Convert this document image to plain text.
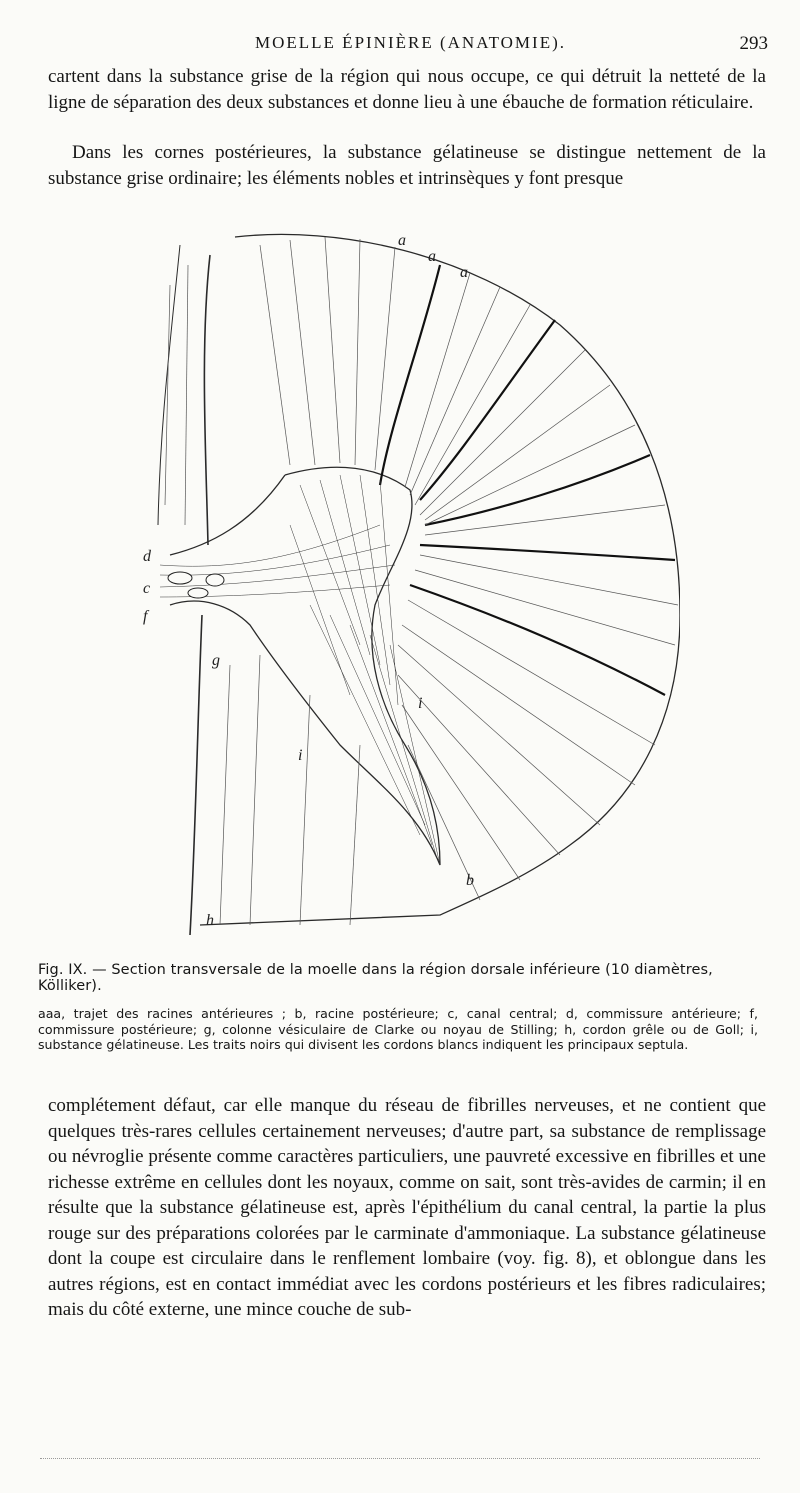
MOELLE ÉPINIÈRE (ANATOMIE).	293

cartent dans la substance grise de la région qui nous occupe, ce qui détruit la netteté de la ligne de séparation des deux substances et donne lieu à une ébauche de formation réticulaire.

Dans les cornes postérieures, la substance gélatineuse se distingue nettement de la substance grise ordinaire; les éléments nobles et intrinsèques y font presque

a
a
a
d
c
f
g
i
i
b
h

Fig. IX. — Section transversale de la moelle dans la région dorsale inférieure (10 diamètres, Kölliker).

aaa, trajet des racines antérieures ; b, racine postérieure; c, canal central; d, commissure antérieure; f, commissure postérieure; g, colonne vésiculaire de Clarke ou noyau de Stilling; h, cordon grêle ou de Goll; i, substance gélatineuse. Les traits noirs qui divisent les cordons blancs indiquent les principaux septula.

complétement défaut, car elle manque du réseau de fibrilles nerveuses, et ne contient que quelques très-rares cellules certainement nerveuses; d'autre part, sa substance de remplissage ou névroglie présente comme caractères particuliers, une pauvreté excessive en fibrilles et une richesse extrême en cellules dont les noyaux, comme on sait, sont très-avides de carmin; il en résulte que la substance gélatineuse est, après l'épithélium du canal central, la partie la plus rouge sur des préparations colorées par le carminate d'ammoniaque. La substance gélatineuse dont la coupe est circulaire dans le renflement lombaire (voy. fig. 8), et oblongue dans les autres régions, est en contact immédiat avec les cordons postérieurs et les fibres radiculaires; mais du côté externe, une mince couche de sub-
